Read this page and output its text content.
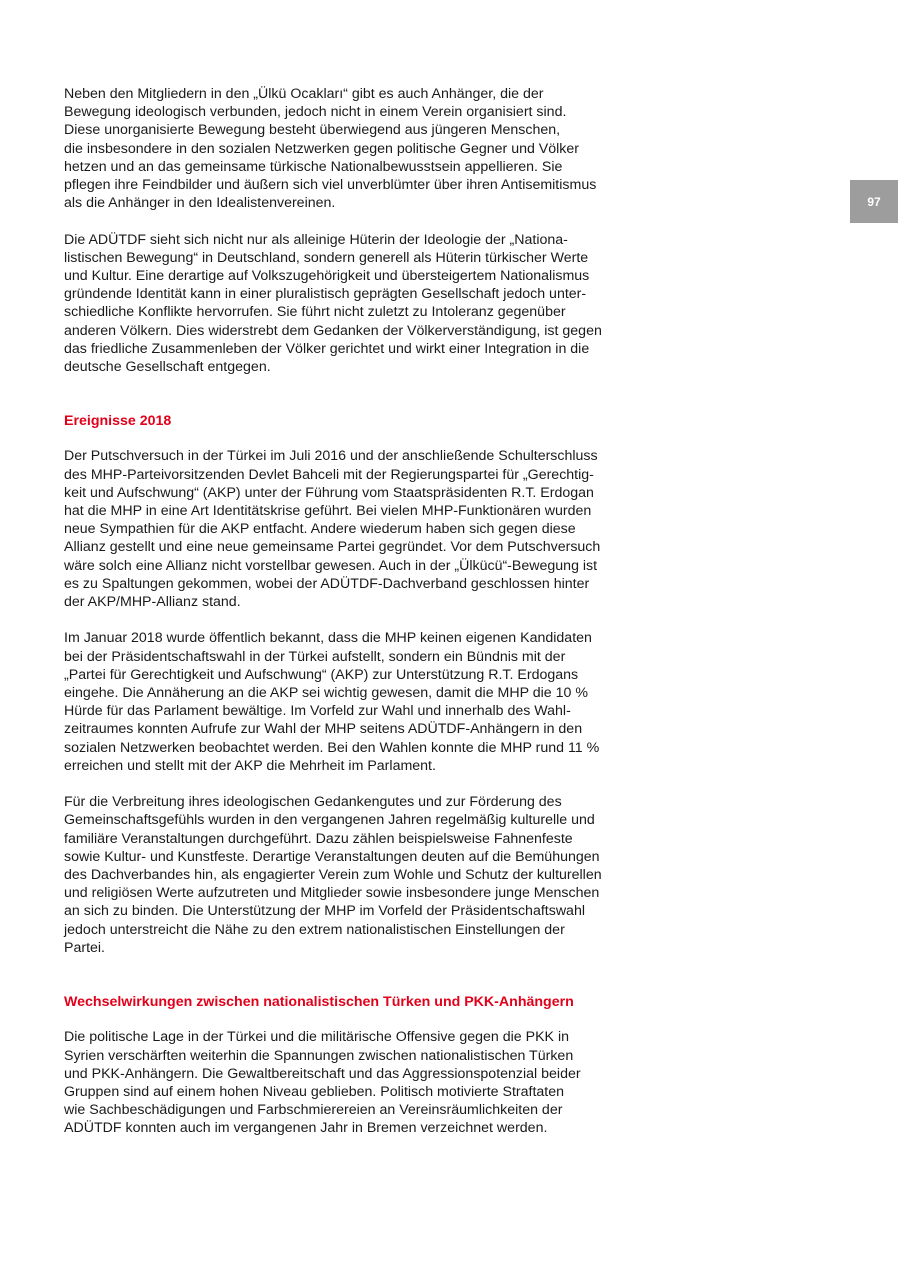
97
Neben den Mitgliedern in den „Ülkü Ocakları“ gibt es auch Anhänger, die der
Bewegung ideologisch verbunden, jedoch nicht in einem Verein organisiert sind.
Diese unorganisierte Bewegung besteht überwiegend aus jüngeren Menschen,
die insbesondere in den sozialen Netzwerken gegen politische Gegner und Völker
hetzen und an das gemeinsame türkische Nationalbewusstsein appellieren. Sie
pflegen ihre Feindbilder und äußern sich viel unverblümter über ihren Antisemitismus
als die Anhänger in den Idealistenvereinen.
Die ADÜTDF sieht sich nicht nur als alleinige Hüterin der Ideologie der „Nationa-
listischen Bewegung“ in Deutschland, sondern generell als Hüterin türkischer Werte
und Kultur. Eine derartige auf Volkszugehörigkeit und übersteigertem Nationalismus
gründende Identität kann in einer pluralistisch geprägten Gesellschaft jedoch unter-
schiedliche Konflikte hervorrufen. Sie führt nicht zuletzt zu Intoleranz gegenüber
anderen Völkern. Dies widerstrebt dem Gedanken der Völkerverständigung, ist gegen
das friedliche Zusammenleben der Völker gerichtet und wirkt einer Integration in die
deutsche Gesellschaft entgegen.
Ereignisse 2018
Der Putschversuch in der Türkei im Juli 2016 und der anschließende Schulterschluss
des MHP-Parteivorsitzenden Devlet Bahceli mit der Regierungspartei für „Gerechtig-
keit und Aufschwung“ (AKP) unter der Führung vom Staatspräsidenten R.T. Erdogan
hat die MHP in eine Art Identitätskrise geführt. Bei vielen MHP-Funktionären wurden
neue Sympathien für die AKP entfacht. Andere wiederum haben sich gegen diese
Allianz gestellt und eine neue gemeinsame Partei gegründet. Vor dem Putschversuch
wäre solch eine Allianz nicht vorstellbar gewesen. Auch in der „Ülkücü“-Bewegung ist
es zu Spaltungen gekommen, wobei der ADÜTDF-Dachverband geschlossen hinter
der AKP/MHP-Allianz stand.
Im Januar 2018 wurde öffentlich bekannt, dass die MHP keinen eigenen Kandidaten
bei der Präsidentschaftswahl in der Türkei aufstellt, sondern ein Bündnis mit der
„Partei für Gerechtigkeit und Aufschwung“ (AKP) zur Unterstützung R.T. Erdogans
eingehe. Die Annäherung an die AKP sei wichtig gewesen, damit die MHP die 10 %
Hürde für das Parlament bewältige. Im Vorfeld zur Wahl und innerhalb des Wahl-
zeitraumes konnten Aufrufe zur Wahl der MHP seitens ADÜTDF-Anhängern in den
sozialen Netzwerken beobachtet werden. Bei den Wahlen konnte die MHP rund 11 %
erreichen und stellt mit der AKP die Mehrheit im Parlament.
Für die Verbreitung ihres ideologischen Gedankengutes und zur Förderung des
Gemeinschaftsgefühls wurden in den vergangenen Jahren regelmäßig kulturelle und
familiäre Veranstaltungen durchgeführt. Dazu zählen beispielsweise Fahnenfeste
sowie Kultur- und Kunstfeste. Derartige Veranstaltungen deuten auf die Bemühungen
des Dachverbandes hin, als engagierter Verein zum Wohle und Schutz der kulturellen
und religiösen Werte aufzutreten und Mitglieder sowie insbesondere junge Menschen
an sich zu binden. Die Unterstützung der MHP im Vorfeld der Präsidentschaftswahl
jedoch unterstreicht die Nähe zu den extrem nationalistischen Einstellungen der
Partei.
Wechselwirkungen zwischen nationalistischen Türken und PKK-Anhängern
Die politische Lage in der Türkei und die militärische Offensive gegen die PKK in
Syrien verschärften weiterhin die Spannungen zwischen nationalistischen Türken
und PKK-Anhängern. Die Gewaltbereitschaft und das Aggressionspotenzial beider
Gruppen sind auf einem hohen Niveau geblieben. Politisch motivierte Straftaten
wie Sachbeschädigungen und Farbschmierereien an Vereinsräumlichkeiten der
ADÜTDF konnten auch im vergangenen Jahr in Bremen verzeichnet werden.
